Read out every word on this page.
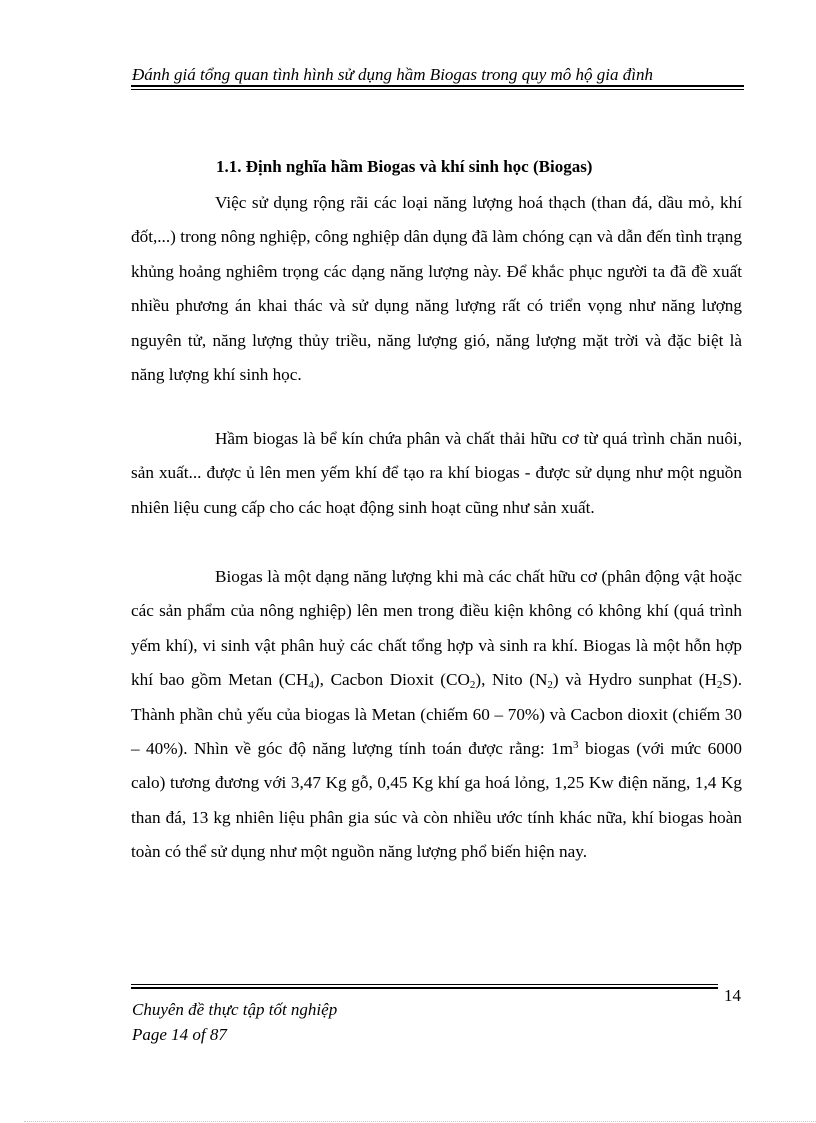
Đánh giá tổng quan tình hình sử dụng hầm Biogas trong quy mô hộ gia đình
1.1. Định nghĩa hầm Biogas và khí sinh học (Biogas)

Việc sử dụng rộng rãi các loại năng lượng hoá thạch (than đá, dầu mỏ, khí đốt,...) trong nông nghiệp, công nghiệp dân dụng đã làm chóng cạn và dẫn đến tình trạng khủng hoảng nghiêm trọng các dạng năng lượng này. Để khắc phục người ta đã đề xuất nhiều phương án khai thác và sử dụng năng lượng rất có triển vọng như năng lượng nguyên tử, năng lượng thủy triều, năng lượng gió, năng lượng mặt trời và đặc biệt là năng lượng khí sinh học.

Hầm biogas là bể kín chứa phân và chất thải hữu cơ từ quá trình chăn nuôi, sản xuất... được ủ lên men yếm khí để tạo ra khí biogas - được sử dụng như một nguồn nhiên liệu cung cấp cho các hoạt động sinh hoạt cũng như sản xuất.

Biogas là một dạng năng lượng khi mà các chất hữu cơ (phân động vật hoặc các sản phẩm của nông nghiệp) lên men trong điều kiện không có không khí (quá trình yếm khí), vi sinh vật phân huỷ các chất tổng hợp và sinh ra khí. Biogas là một hỗn hợp khí bao gồm Metan $(CH_4)$, Cacbon Dioxit $(CO_2)$, Nito $(N_2)$ và Hydro sunphat $(H_2S)$. Thành phần chủ yếu của biogas là Metan (chiếm 60 – 70%) và Cacbon dioxit (chiếm 30 – 40%). Nhìn về góc độ năng lượng tính toán được rằng: $1m^3$ biogas (với mức 6000 calo) tương đương với 3,47 Kg gỗ, 0,45 Kg khí ga hoá lỏng, 1,25 Kw điện năng, 1,4 Kg than đá, 13 kg nhiên liệu phân gia súc và còn nhiều ước tính khác nữa, khí biogas hoàn toàn có thể sử dụng như một nguồn năng lượng phổ biến hiện nay.

14
Chuyên đề thực tập tốt nghiệp
Page 14 of 87
